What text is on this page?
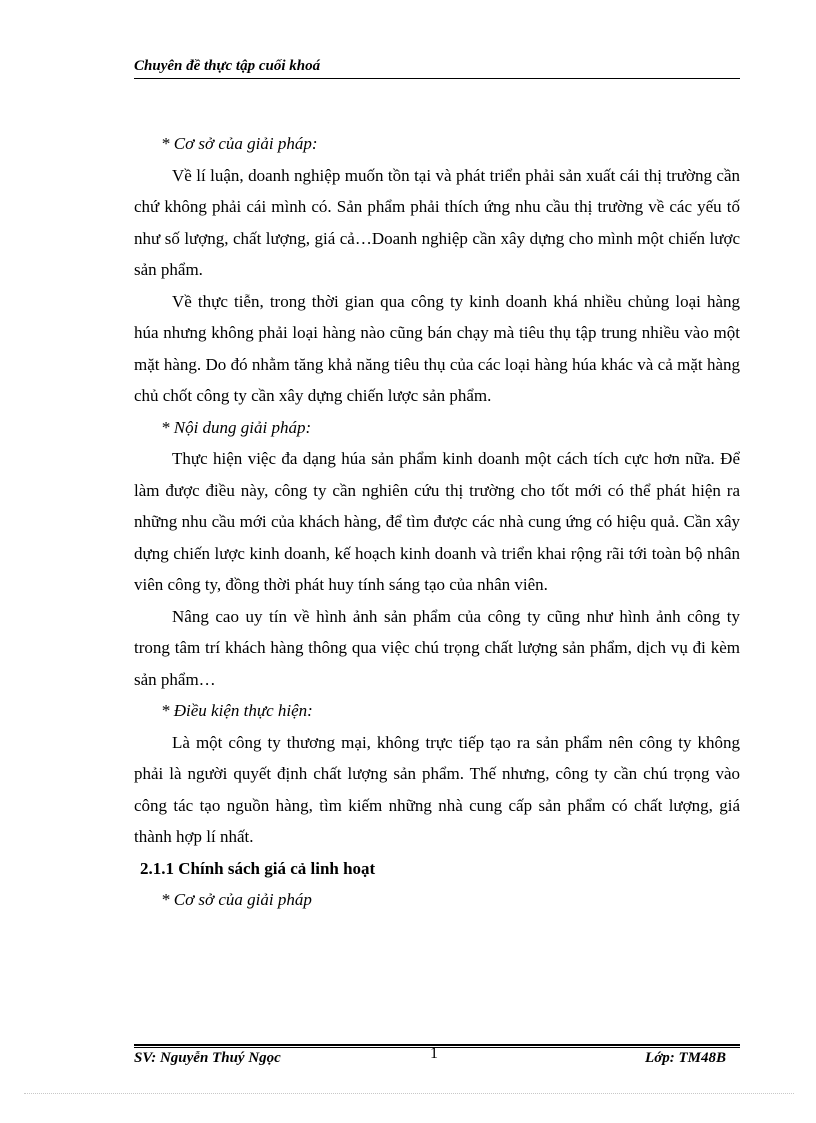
Chuyên đề thực tập cuối khoá

* Cơ sở của giải pháp:

Về lí luận, doanh nghiệp muốn tồn tại và phát triển phải sản xuất cái thị trường cần chứ không phải cái mình có. Sản phẩm phải thích ứng nhu cầu thị trường về các yếu tố như số lượng, chất lượng, giá cả…Doanh nghiệp cần xây dựng cho mình một chiến lược sản phẩm.

Về thực tiễn, trong thời gian qua công ty kinh doanh khá nhiều chủng loại hàng húa nhưng không phải loại hàng nào cũng bán chạy mà tiêu thụ tập trung nhiều vào một mặt hàng. Do đó nhằm tăng khả năng tiêu thụ của các loại hàng húa khác và cả mặt hàng chủ chốt công ty cần xây dựng chiến lược sản phẩm.

* Nội dung giải pháp:

Thực hiện việc đa dạng húa sản phẩm kinh doanh một cách tích cực hơn nữa. Để làm được điều này, công ty cần nghiên cứu thị trường cho tốt mới có thể phát hiện ra những nhu cầu mới của khách hàng, để tìm được các nhà cung ứng có hiệu quả. Cần xây dựng chiến lược kinh doanh, kế hoạch kinh doanh và triển khai rộng rãi tới toàn bộ nhân viên công ty, đồng thời phát huy tính sáng tạo của nhân viên.

Nâng cao uy tín về hình ảnh sản phẩm của công ty cũng như hình ảnh công ty trong tâm trí khách hàng thông qua việc chú trọng chất lượng sản phẩm, dịch vụ đi kèm sản phẩm…

* Điều kiện thực hiện:

Là một công ty thương mại, không trực tiếp tạo ra sản phẩm nên công ty không phải là người quyết định chất lượng sản phẩm. Thế nhưng, công ty cần chú trọng vào công tác tạo nguồn hàng, tìm kiếm những nhà cung cấp sản phẩm có chất lượng, giá thành hợp lí nhất.

2.1.1 Chính sách giá cả linh hoạt

* Cơ sở của giải pháp

SV: Nguyễn Thuý Ngọc	1	Lớp: TM48B
